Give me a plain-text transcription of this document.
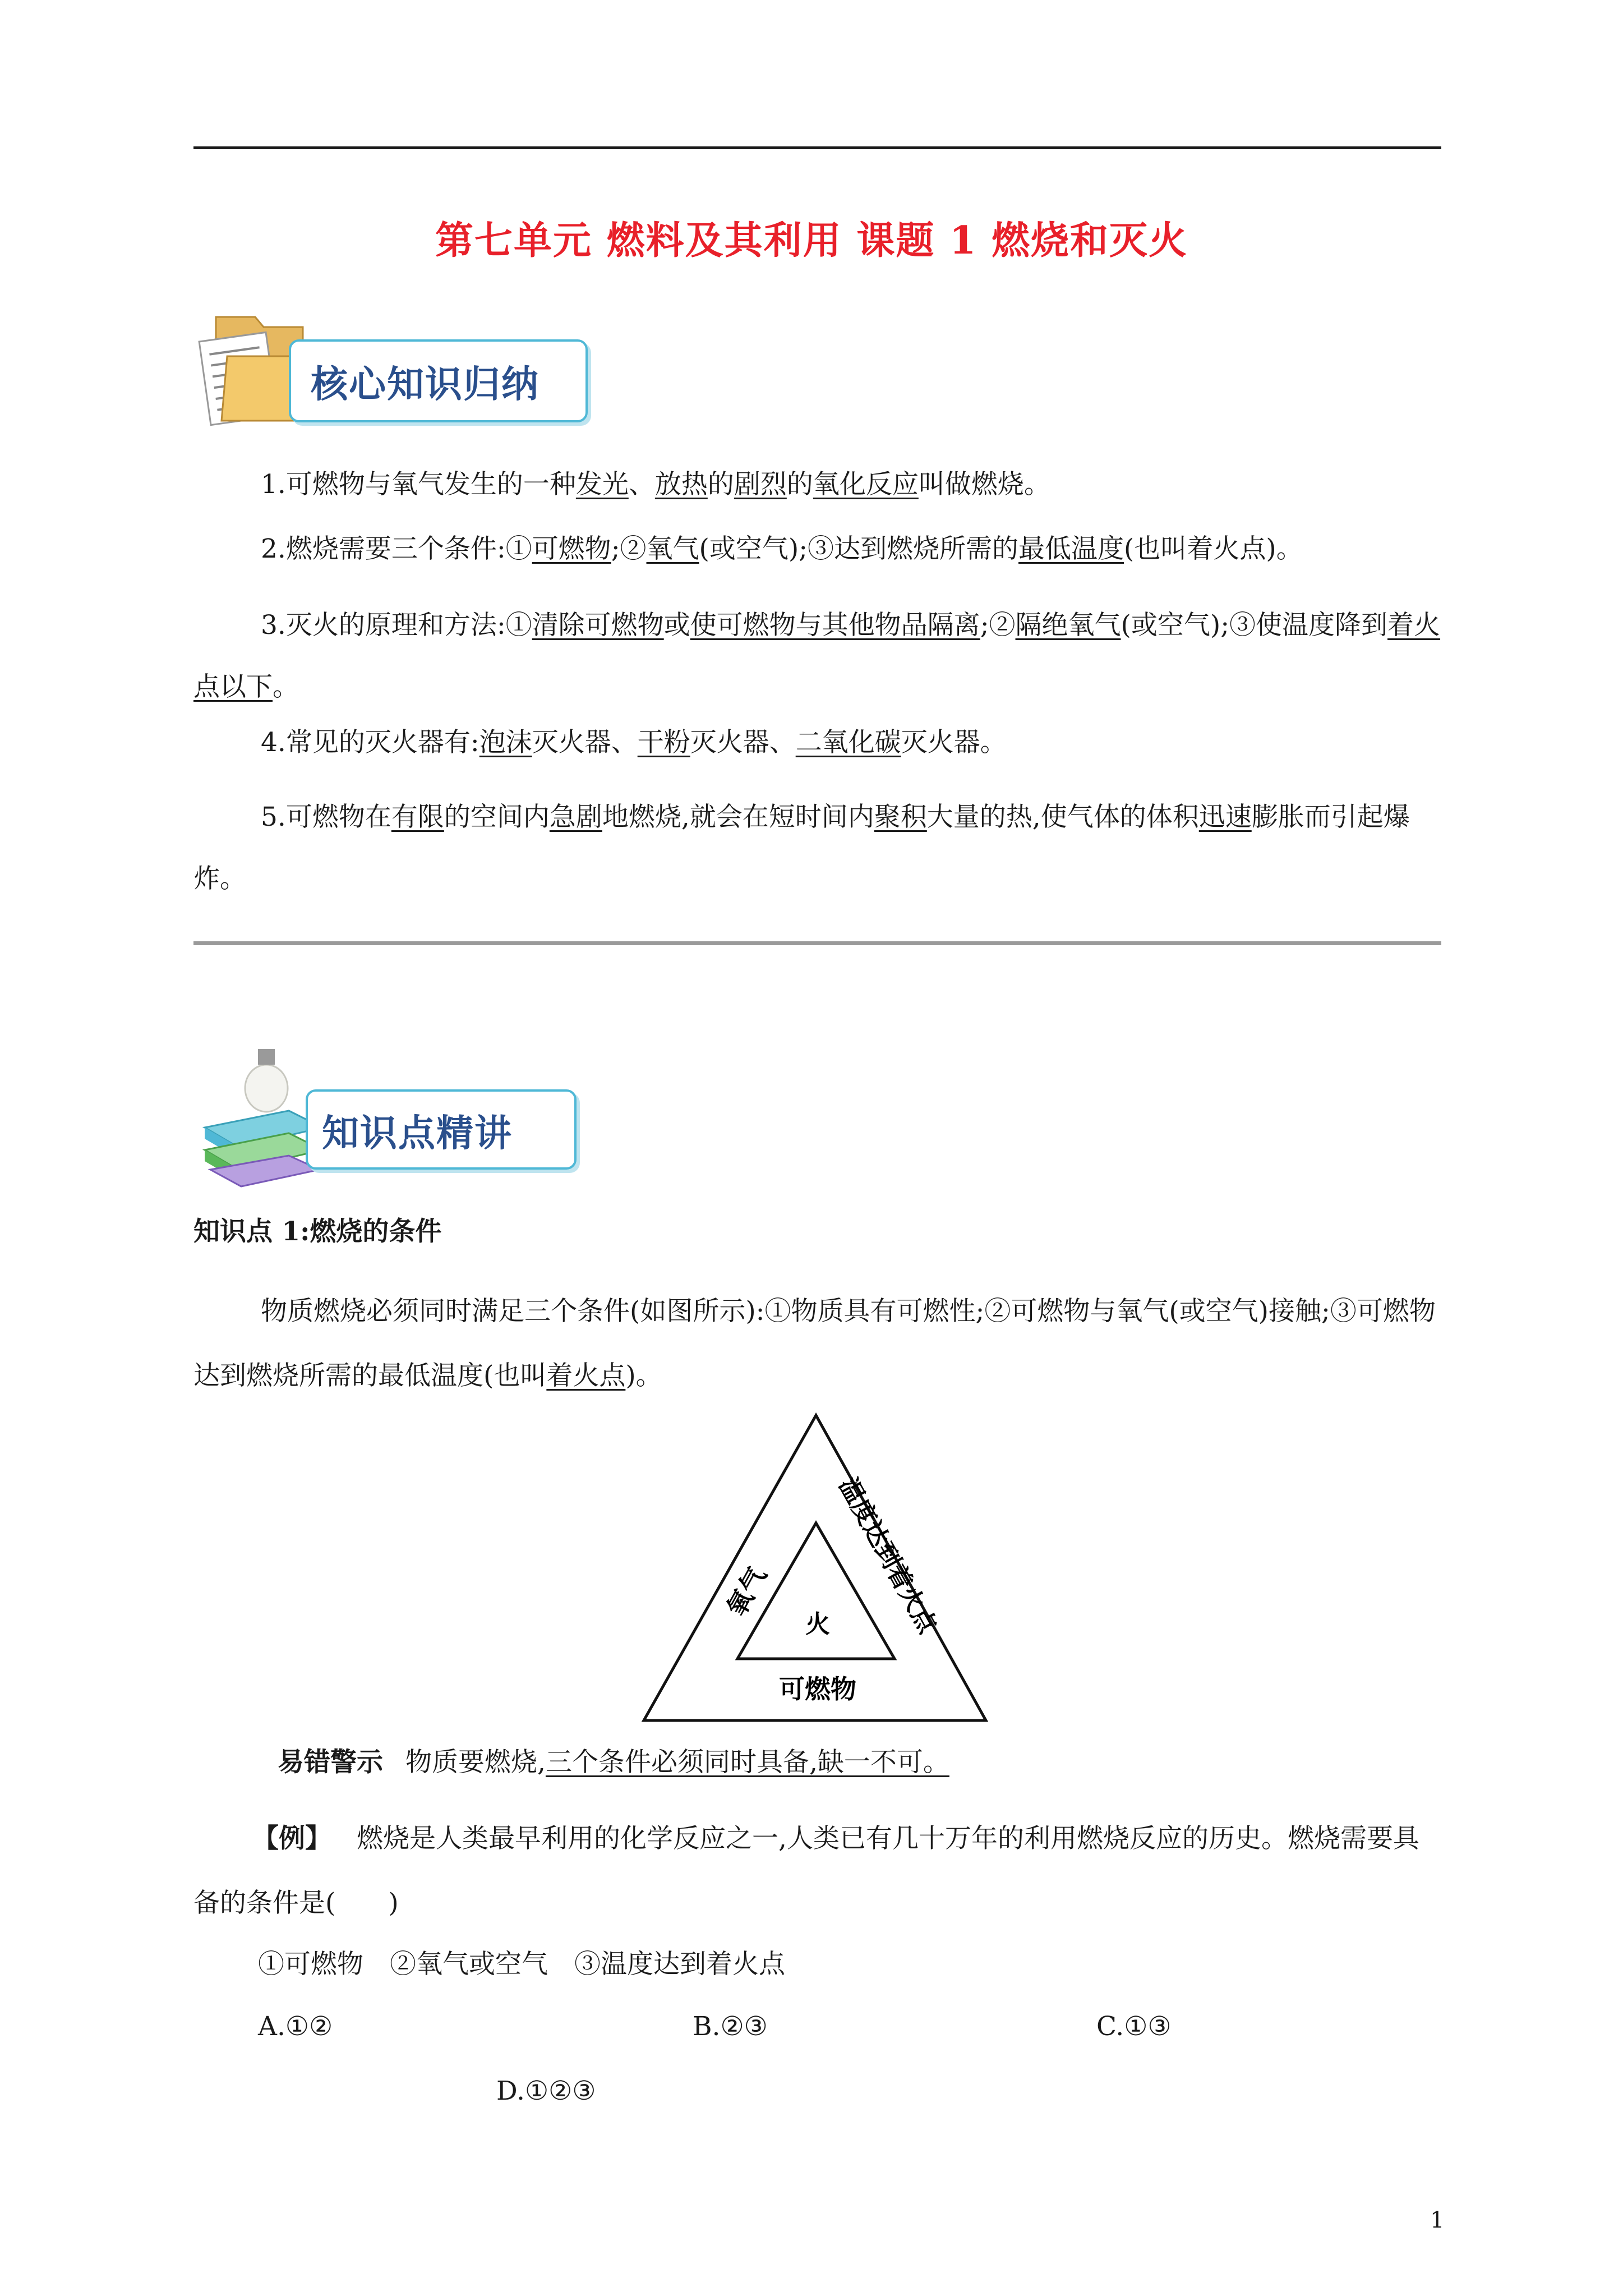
第七单元 燃料及其利用 课题 1 燃烧和灭火
核心知识归纳
1.可燃物与氧气发生的一种发光、放热的剧烈的氧化反应叫做燃烧。
2.燃烧需要三个条件:①可燃物;②氧气(或空气);③达到燃烧所需的最低温度(也叫着火点)。
3.灭火的原理和方法:①清除可燃物或使可燃物与其他物品隔离;②隔绝氧气(或空气);③使温度降到着火点以下。
4.常见的灭火器有:泡沫灭火器、干粉灭火器、二氧化碳灭火器。
5.可燃物在有限的空间内急剧地燃烧,就会在短时间内聚积大量的热,使气体的体积迅速膨胀而引起爆炸。
知识点精讲
知识点 1:燃烧的条件
物质燃烧必须同时满足三个条件(如图所示):①物质具有可燃性;②可燃物与氧气(或空气)接触;③可燃物达到燃烧所需的最低温度(也叫着火点)。
火
氧气 温度达到着火点
可燃物
易错警示 物质要燃烧,三个条件必须同时具备,缺一不可。
【例】 燃烧是人类最早利用的化学反应之一,人类已有几十万年的利用燃烧反应的历史。燃烧需要具备的条件是(　　)
①可燃物　②氧气或空气　③温度达到着火点
A.①②	B.②③	C.①③
D.①②③
1
